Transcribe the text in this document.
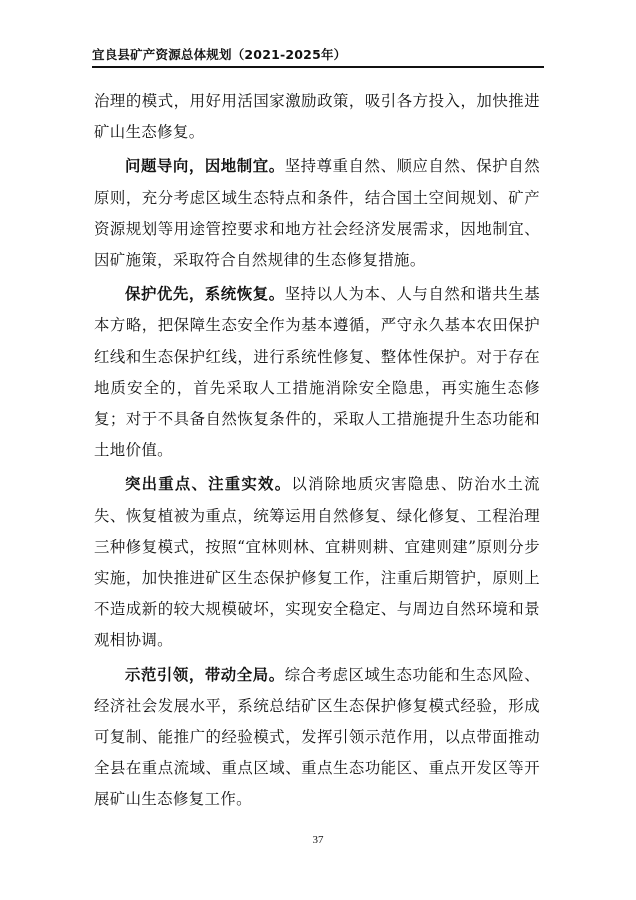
宜良县矿产资源总体规划（2021-2025年）

治理的模式，用好用活国家激励政策，吸引各方投入，加快推进矿山生态修复。

问题导向，因地制宜。坚持尊重自然、顺应自然、保护自然原则，充分考虑区域生态特点和条件，结合国土空间规划、矿产资源规划等用途管控要求和地方社会经济发展需求，因地制宜、因矿施策，采取符合自然规律的生态修复措施。

保护优先，系统恢复。坚持以人为本、人与自然和谐共生基本方略，把保障生态安全作为基本遵循，严守永久基本农田保护红线和生态保护红线，进行系统性修复、整体性保护。对于存在地质安全的，首先采取人工措施消除安全隐患，再实施生态修复；对于不具备自然恢复条件的，采取人工措施提升生态功能和土地价值。

突出重点、注重实效。以消除地质灾害隐患、防治水土流失、恢复植被为重点，统筹运用自然修复、绿化修复、工程治理三种修复模式，按照“宜林则林、宜耕则耕、宜建则建”原则分步实施，加快推进矿区生态保护修复工作，注重后期管护，原则上不造成新的较大规模破坏，实现安全稳定、与周边自然环境和景观相协调。

示范引领，带动全局。综合考虑区域生态功能和生态风险、经济社会发展水平，系统总结矿区生态保护修复模式经验，形成可复制、能推广的经验模式，发挥引领示范作用，以点带面推动全县在重点流域、重点区域、重点生态功能区、重点开发区等开展矿山生态修复工作。

37
